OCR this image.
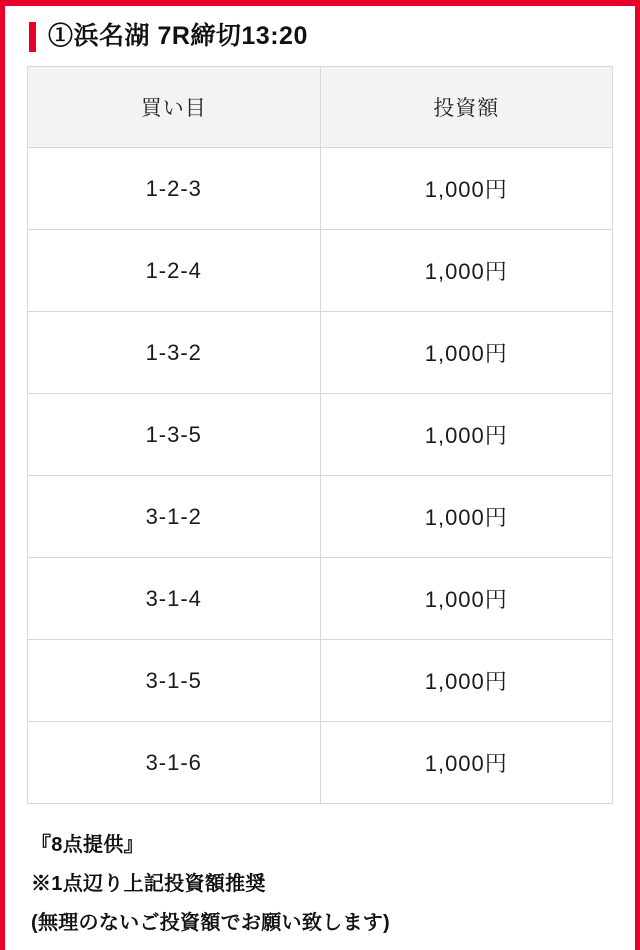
①浜名湖 7R締切13:20
買い目	投資額
1-2-3	1,000円
1-2-4	1,000円
1-3-2	1,000円
1-3-5	1,000円
3-1-2	1,000円
3-1-4	1,000円
3-1-5	1,000円
3-1-6	1,000円
『8点提供』
※1点辺り上記投資額推奨
(無理のないご投資額でお願い致します)
